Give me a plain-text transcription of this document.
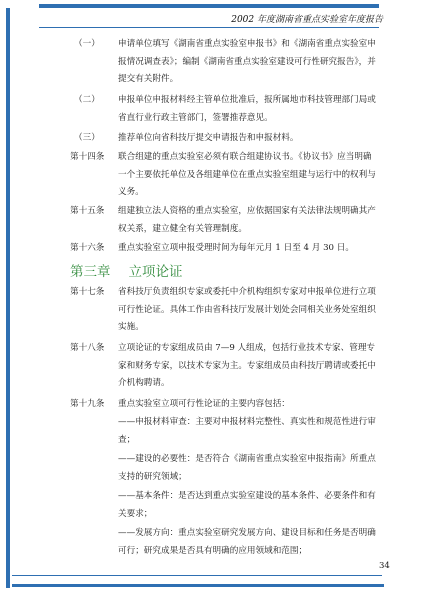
2002 年度湖南省重点实验室年度报告
（一） 申请单位填写《湖南省重点实验室申报书》和《湖南省重点实验室申报情况调查表》；编制《湖南省重点实验室建设可行性研究报告》，并提交有关附件。
（二） 申报单位申报材料经主管单位批准后，报所属地市科技管理部门局或省直行业行政主管部门，签署推荐意见。
（三） 推荐单位向省科技厅提交申请报告和申报材料。
第十四条 联合组建的重点实验室必须有联合组建协议书。《协议书》应当明确一个主要依托单位及各组建单位在重点实验室组建与运行中的权利与义务。
第十五条 组建独立法人资格的重点实验室，应依据国家有关法律法规明确其产权关系，建立健全有关管理制度。
第十六条 重点实验室立项申报受理时间为每年元月 1 日至 4 月 30 日。
第三章 立项论证
第十七条 省科技厅负责组织专家或委托中介机构组织专家对申报单位进行立项可行性论证。具体工作由省科技厅发展计划处会同相关业务处室组织实施。
第十八条 立项论证的专家组成员由 7—9 人组成，包括行业技术专家、管理专家和财务专家，以技术专家为主。专家组成员由科技厅聘请或委托中介机构聘请。
第十九条 重点实验室立项可行性论证的主要内容包括：
——申报材料审查：主要对申报材料完整性、真实性和规范性进行审查；
——建设的必要性：是否符合《湖南省重点实验室申报指南》所重点支持的研究领域；
——基本条件：是否达到重点实验室建设的基本条件、必要条件和有关要求；
——发展方向：重点实验室研究发展方向、建设目标和任务是否明确可行；研究成果是否具有明确的应用领域和范围；
34
